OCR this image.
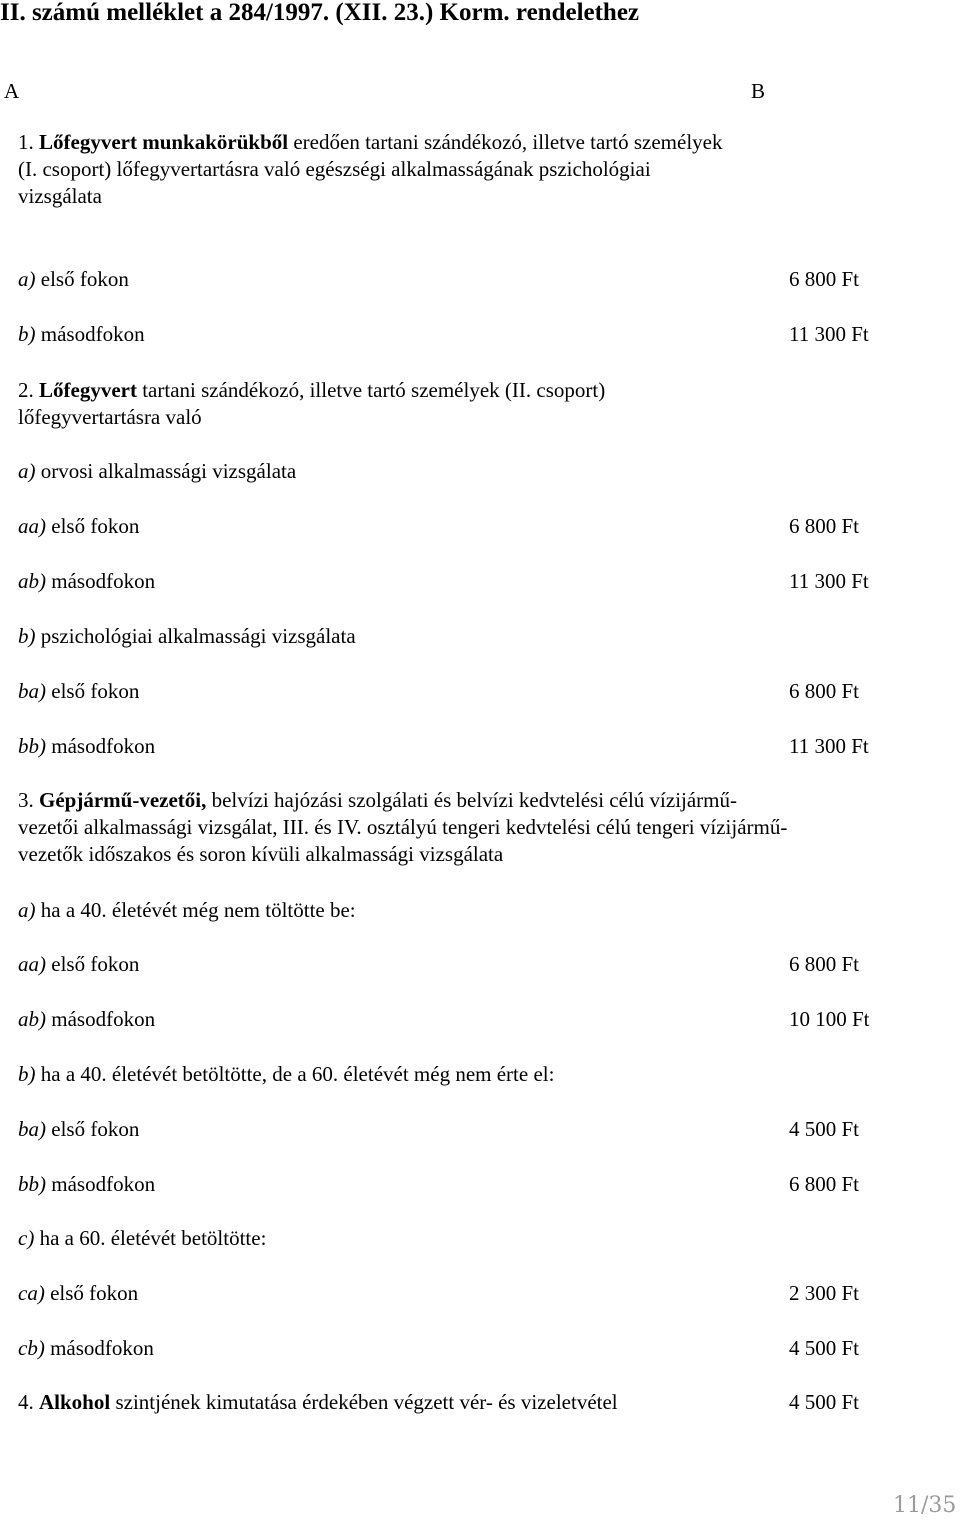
II. számú melléklet a 284/1997. (XII. 23.) Korm. rendelethez
A	B
1. Lőfegyvert munkakörükből eredően tartani szándékozó, illetve tartó személyek (I. csoport) lőfegyvertartásra való egészségi alkalmasságának pszichológiai vizsgálata
a) első fokon	6 800 Ft
b) másodfokon	11 300 Ft
2. Lőfegyvert tartani szándékozó, illetve tartó személyek (II. csoport) lőfegyvertartásra való
a) orvosi alkalmassági vizsgálata
aa) első fokon	6 800 Ft
ab) másodfokon	11 300 Ft
b) pszichológiai alkalmassági vizsgálata
ba) első fokon	6 800 Ft
bb) másodfokon	11 300 Ft
3. Gépjármű-vezetői, belvízi hajózási szolgálati és belvízi kedvtelési célú vízijármű-vezetői alkalmassági vizsgálat, III. és IV. osztályú tengeri kedvtelési célú tengeri vízijármű-vezetők időszakos és soron kívüli alkalmassági vizsgálata
a) ha a 40. életévét még nem töltötte be:
aa) első fokon	6 800 Ft
ab) másodfokon	10 100 Ft
b) ha a 40. életévét betöltötte, de a 60. életévét még nem érte el:
ba) első fokon	4 500 Ft
bb) másodfokon	6 800 Ft
c) ha a 60. életévét betöltötte:
ca) első fokon	2 300 Ft
cb) másodfokon	4 500 Ft
4. Alkohol szintjének kimutatása érdekében végzett vér- és vizeletvétel	4 500 Ft
11/35
